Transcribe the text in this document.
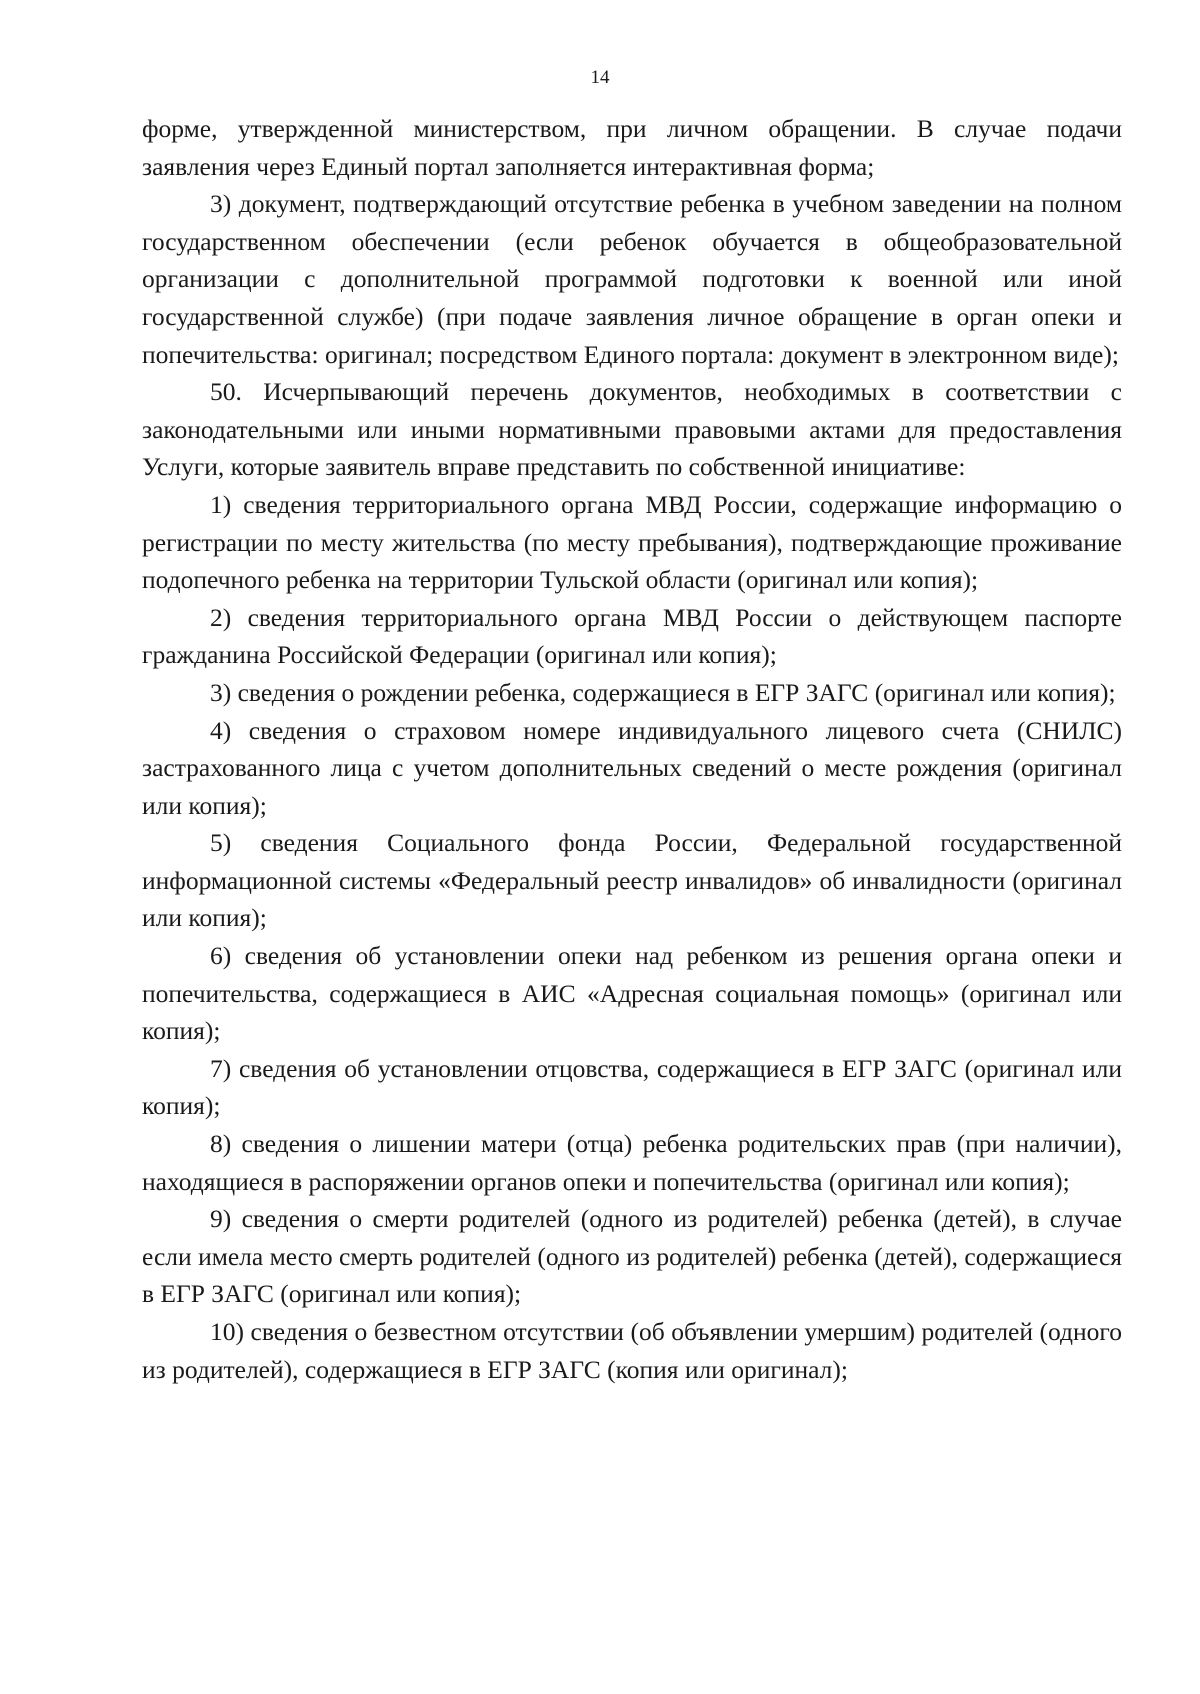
14

форме, утвержденной министерством, при личном обращении. В случае подачи заявления через Единый портал заполняется интерактивная форма;

3) документ, подтверждающий отсутствие ребенка в учебном заведении на полном государственном обеспечении (если ребенок обучается в общеобразовательной организации с дополнительной программой подготовки к военной или иной государственной службе) (при подаче заявления личное обращение в орган опеки и попечительства: оригинал; посредством Единого портала: документ в электронном виде);

50. Исчерпывающий перечень документов, необходимых в соответствии с законодательными или иными нормативными правовыми актами для предоставления Услуги, которые заявитель вправе представить по собственной инициативе:

1) сведения территориального органа МВД России, содержащие информацию о регистрации по месту жительства (по месту пребывания), подтверждающие проживание подопечного ребенка на территории Тульской области (оригинал или копия);

2) сведения территориального органа МВД России о действующем паспорте гражданина Российской Федерации (оригинал или копия);

3) сведения о рождении ребенка, содержащиеся в ЕГР ЗАГС (оригинал или копия);

4) сведения о страховом номере индивидуального лицевого счета (СНИЛС) застрахованного лица с учетом дополнительных сведений о месте рождения (оригинал или копия);

5) сведения Социального фонда России, Федеральной государственной информационной системы «Федеральный реестр инвалидов» об инвалидности (оригинал или копия);

6) сведения об установлении опеки над ребенком из решения органа опеки и попечительства, содержащиеся в АИС «Адресная социальная помощь» (оригинал или копия);

7) сведения об установлении отцовства, содержащиеся в ЕГР ЗАГС (оригинал или копия);

8) сведения о лишении матери (отца) ребенка родительских прав (при наличии), находящиеся в распоряжении органов опеки и попечительства (оригинал или копия);

9) сведения о смерти родителей (одного из родителей) ребенка (детей), в случае если имела место смерть родителей (одного из родителей) ребенка (детей), содержащиеся в ЕГР ЗАГС (оригинал или копия);

10) сведения о безвестном отсутствии (об объявлении умершим) родителей (одного из родителей), содержащиеся в ЕГР ЗАГС (копия или оригинал);
